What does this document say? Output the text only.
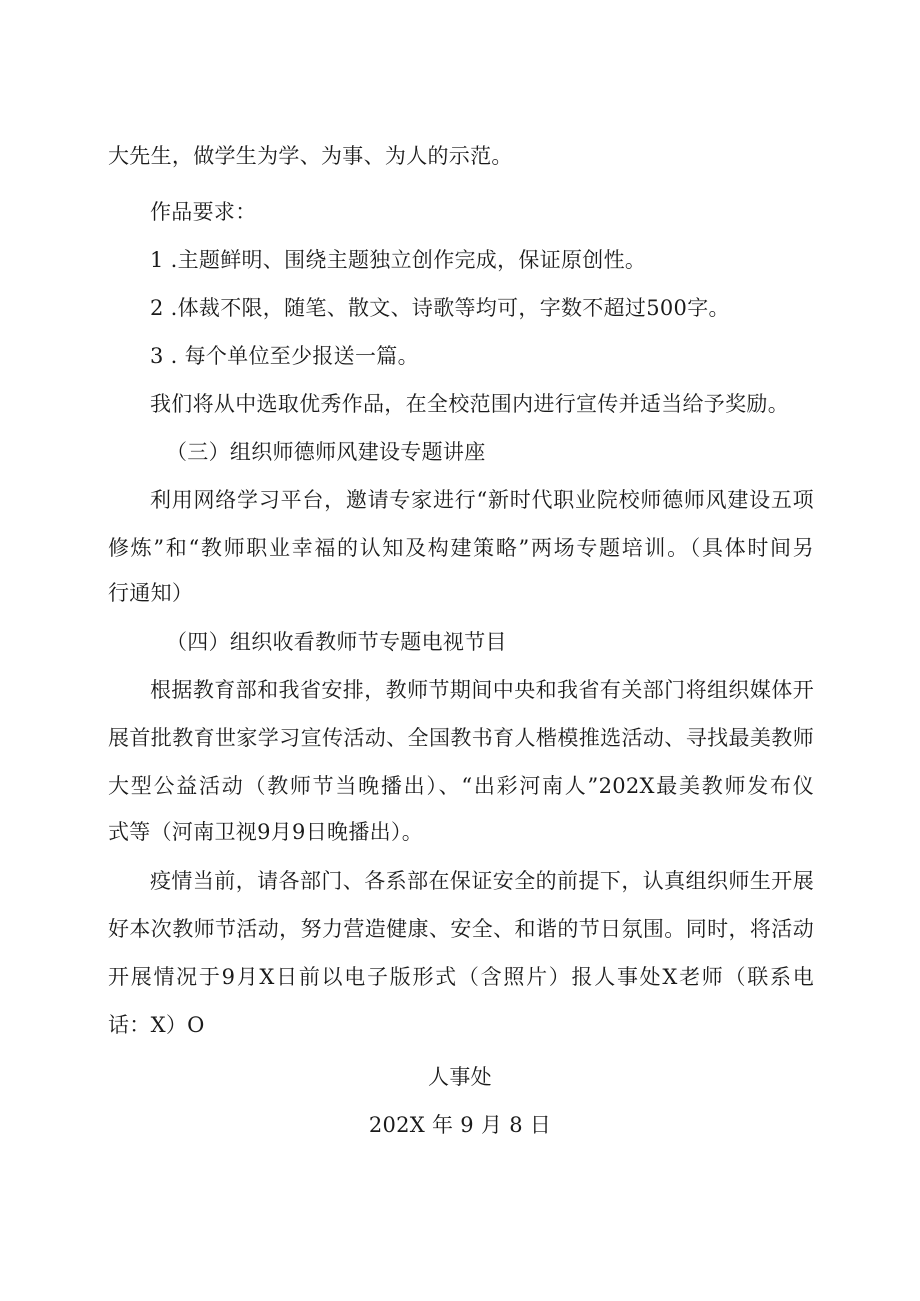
大先生，做学生为学、为事、为人的示范。
作品要求：
1 .主题鲜明、围绕主题独立创作完成，保证原创性。
2 .体裁不限，随笔、散文、诗歌等均可，字数不超过500字。
3 . 每个单位至少报送一篇。
我们将从中选取优秀作品，在全校范围内进行宣传并适当给予奖励。
（三）组织师德师风建设专题讲座
利用网络学习平台，邀请专家进行“新时代职业院校师德师风建设五项
修炼”和“教师职业幸福的认知及构建策略”两场专题培训。（具体时间另
行通知）
（四）组织收看教师节专题电视节目
根据教育部和我省安排，教师节期间中央和我省有关部门将组织媒体开
展首批教育世家学习宣传活动、全国教书育人楷模推选活动、寻找最美教师
大型公益活动（教师节当晚播出）、“出彩河南人”202X最美教师发布仪
式等（河南卫视9月9日晚播出）。
疫情当前，请各部门、各系部在保证安全的前提下，认真组织师生开展
好本次教师节活动，努力营造健康、安全、和谐的节日氛围。同时，将活动
开展情况于9月X日前以电子版形式（含照片）报人事处X老师（联系电
话：X）O
人事处
202X 年 9 月 8 日
